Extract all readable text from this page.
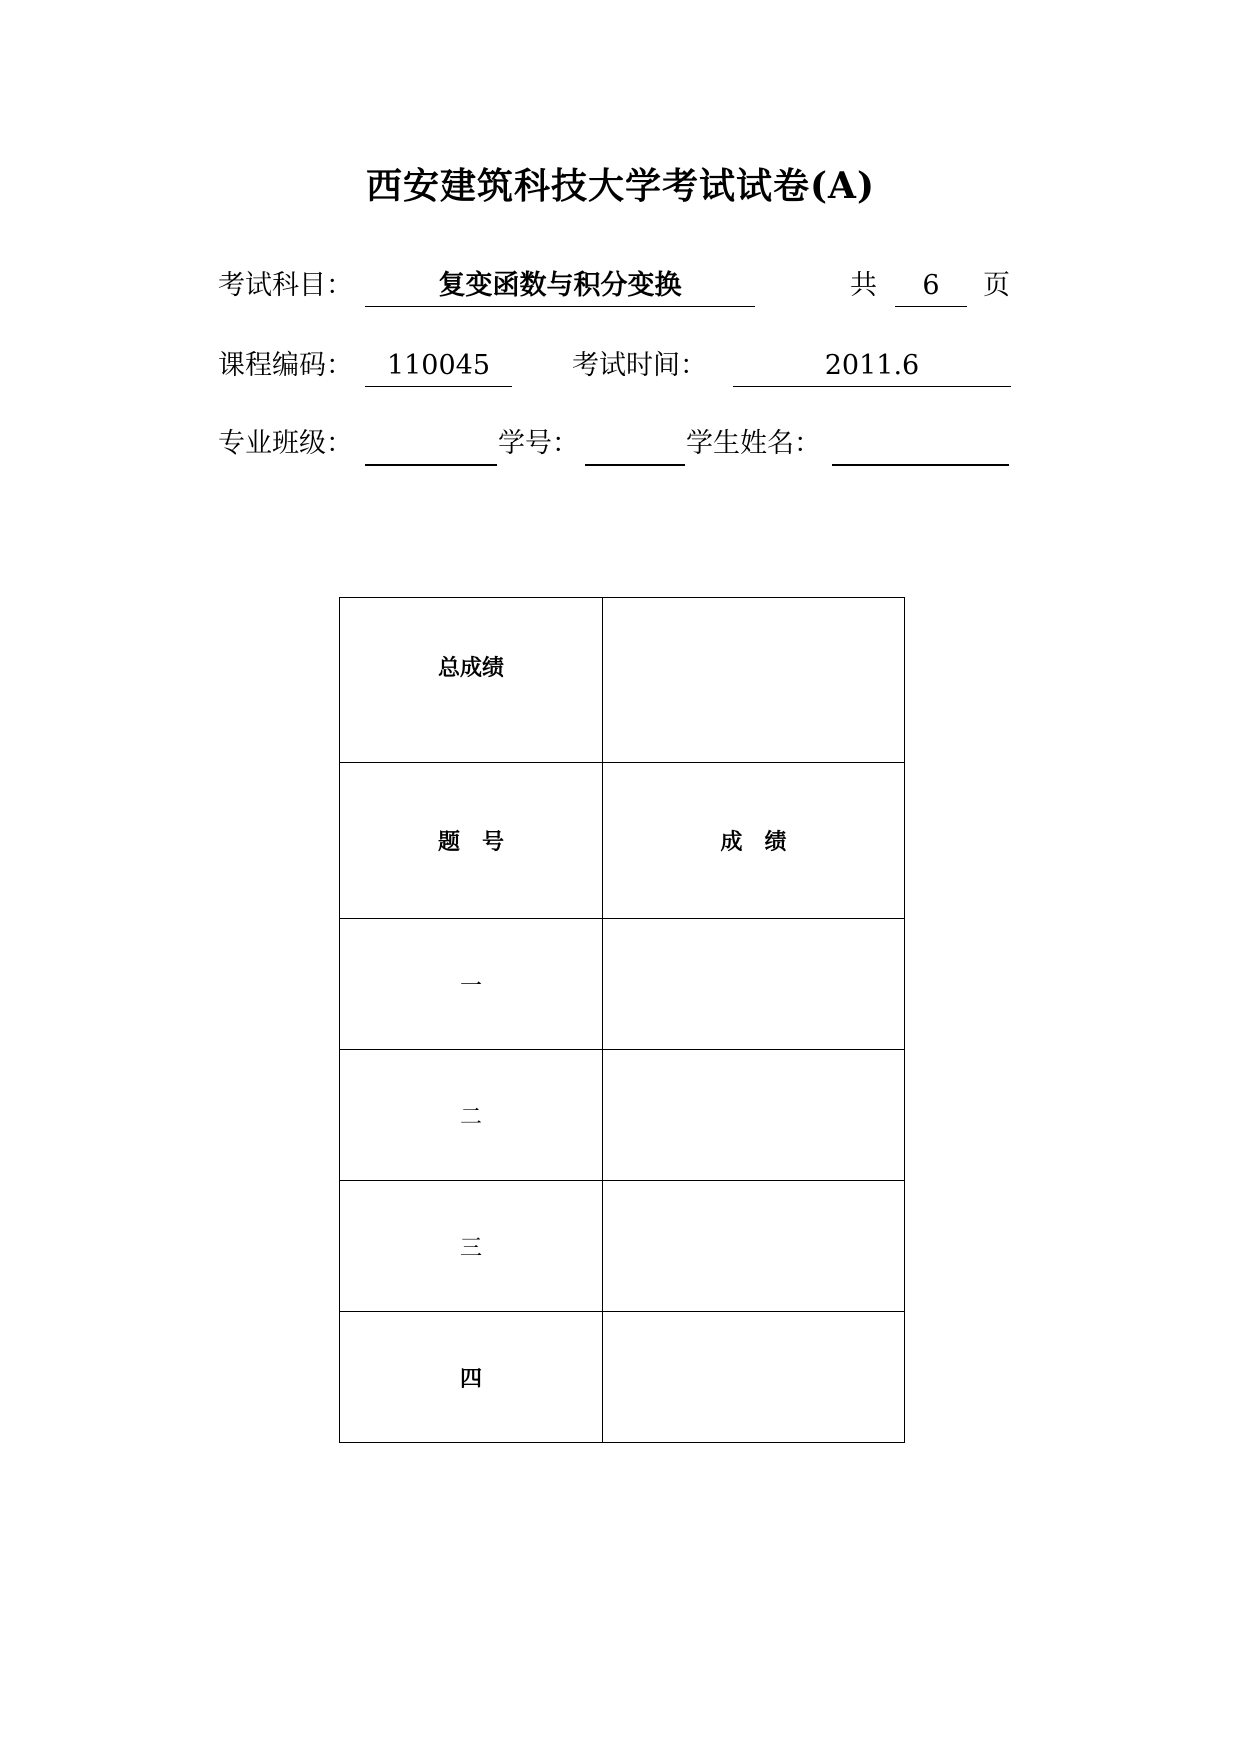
西安建筑科技大学考试试卷(A)
考试科目：	复变函数与积分变换	共	6	页
课程编码：	110045	考试时间：	2011.6
专业班级：	学号：	学生姓名：
总成绩	

题　号	成　绩

一	

二	

三	

四	
